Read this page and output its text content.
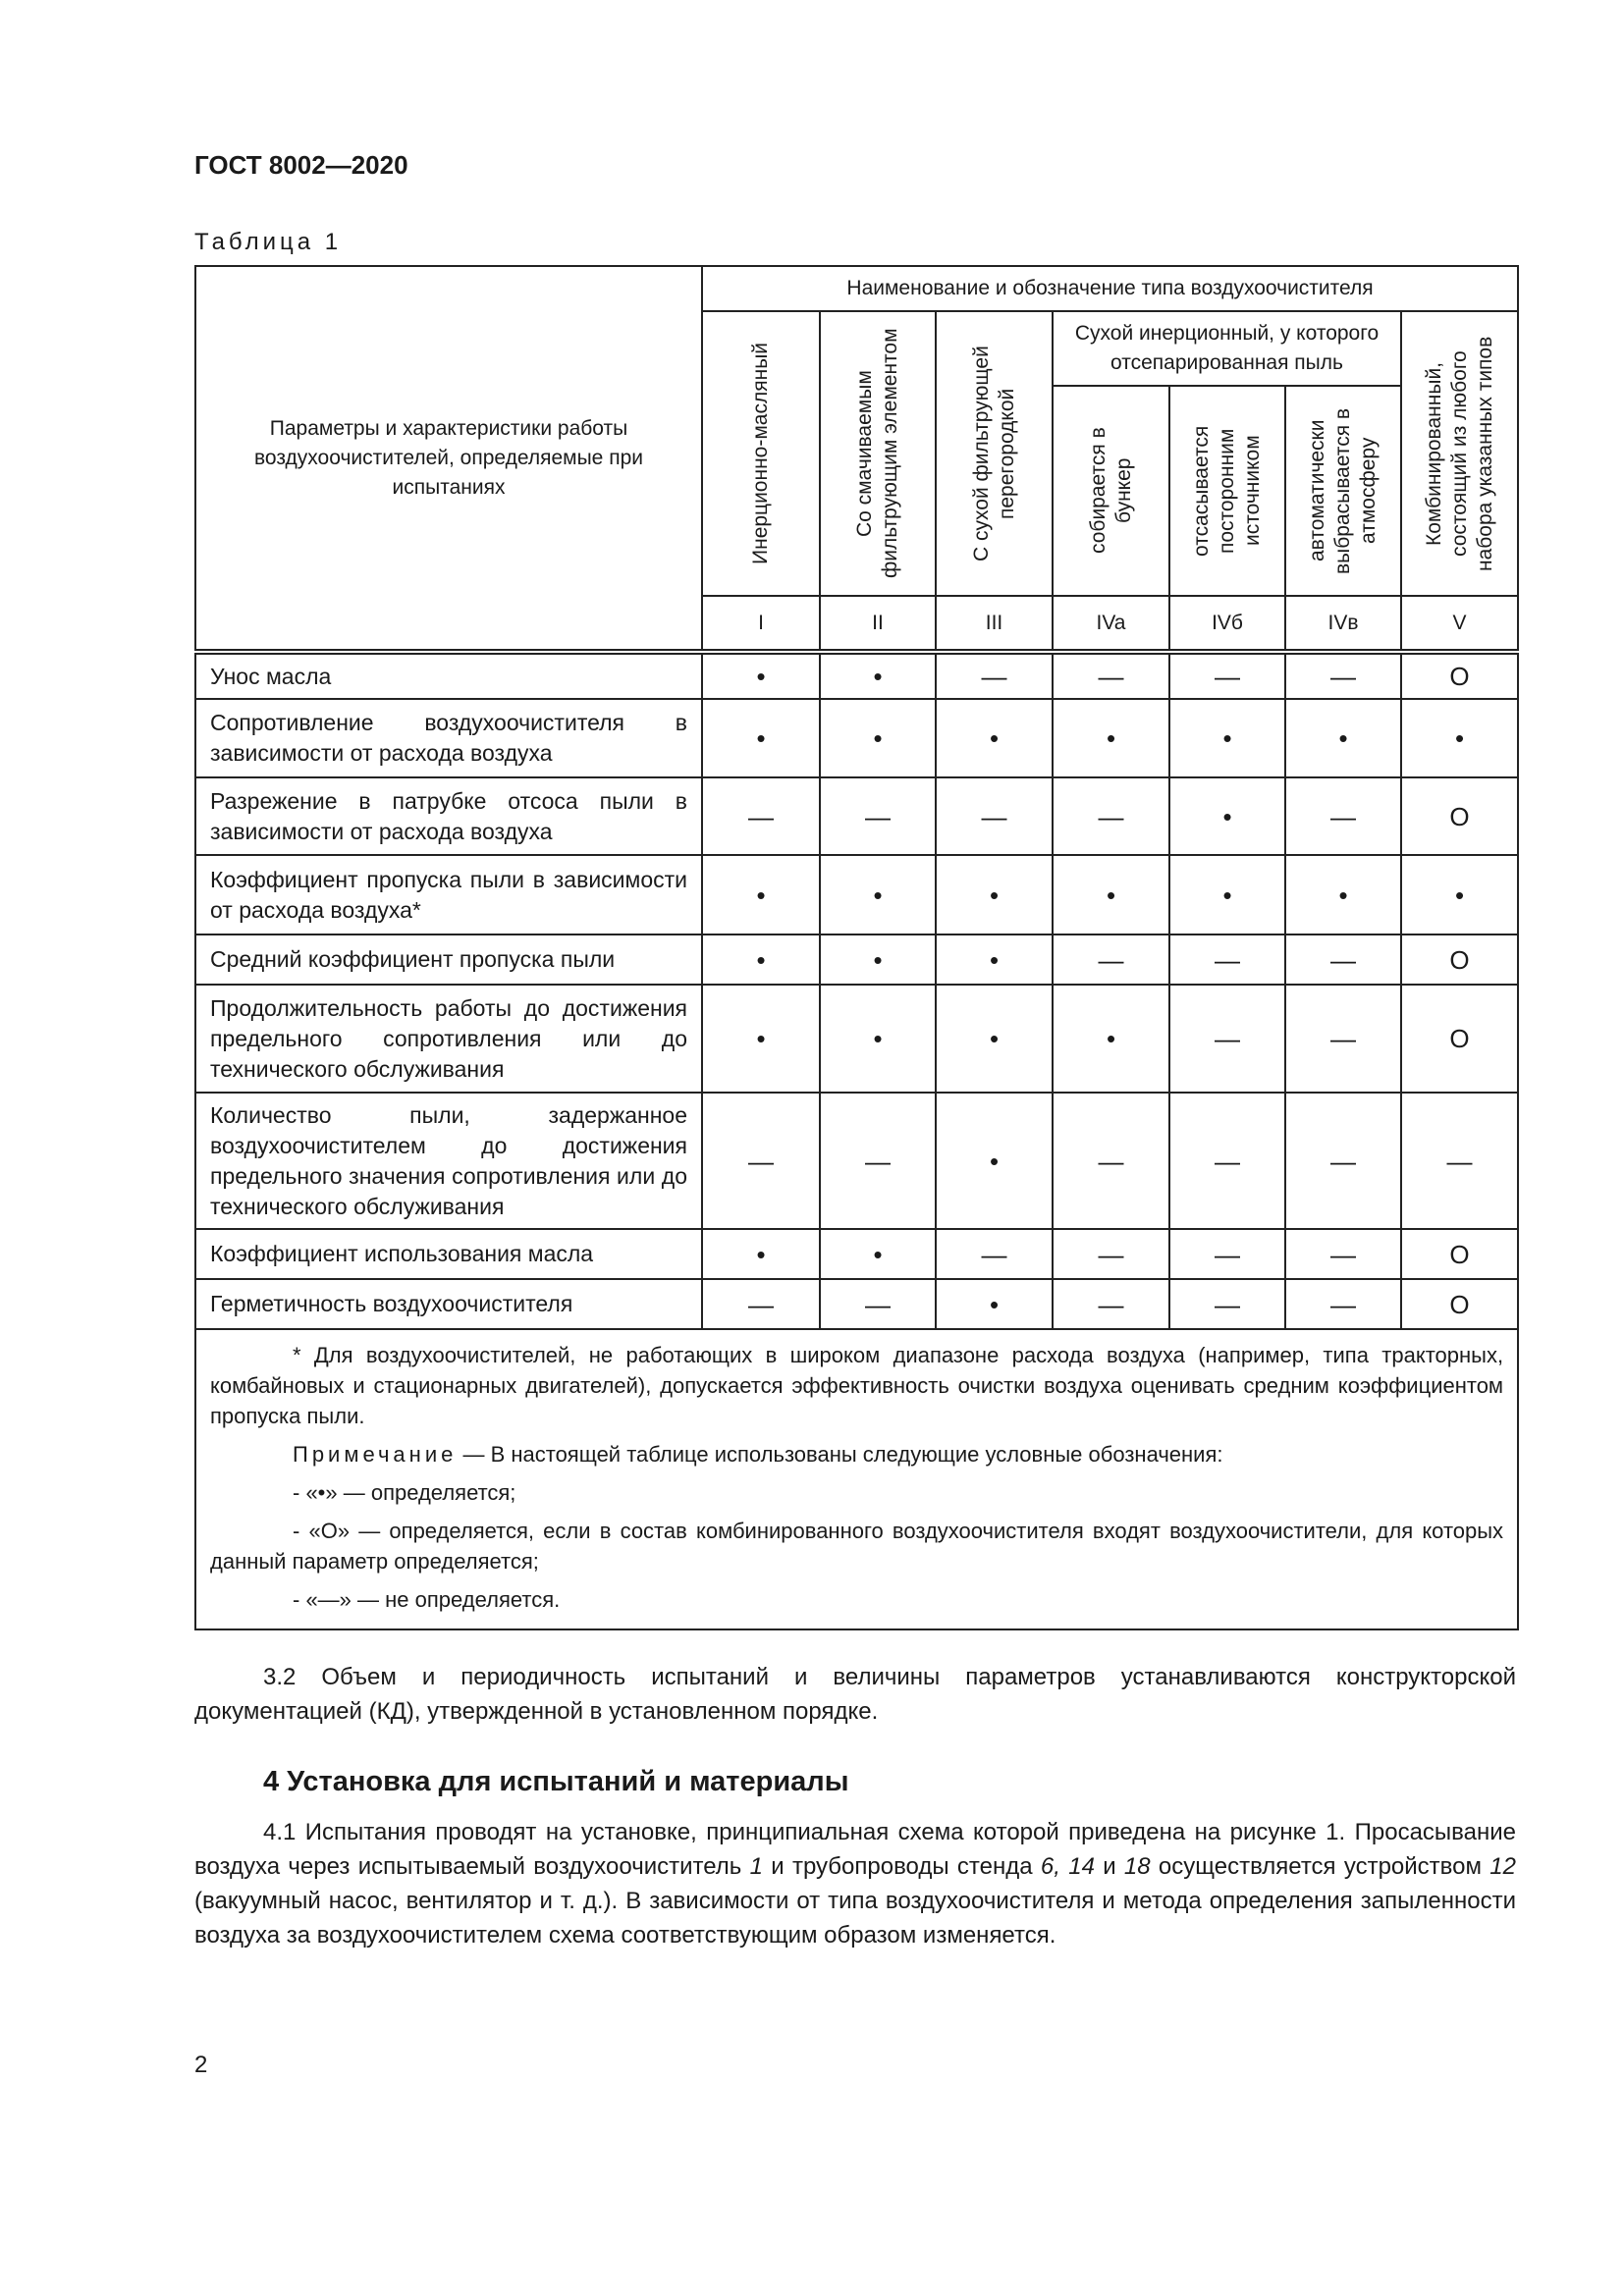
ГОСТ 8002—2020
Таблица 1
Параметры и характеристики работы воздухоочистителей, определяемые при испытаниях	Наименование и обозначение типа воздухоочистителя						

	Инерционно-масляный	Со смачиваемым фильтрующим элементом	С сухой фильтрующей перегородкой	Сухой инерционный, у которого отсепарированная пыль			Комбинированный, состоящий из любого набора указанных типов

				собирается в бункер	отсасывается посторонним источником	автоматически выбрасывается в атмосферу	

	I	II	III	IVa	IVб	IVв	V
Унос масла	•	•	—	—	—	—	O
Сопротивление воздухоочистителя в зависимости от расхода воздуха	•	•	•	•	•	•	•
Разрежение в патрубке отсоса пыли в зависимости от расхода воздуха	—	—	—	—	•	—	O
Коэффициент пропуска пыли в зависимости от расхода воздуха*	•	•	•	•	•	•	•
Средний коэффициент пропуска пыли	•	•	•	—	—	—	O
Продолжительность работы до достижения предельного сопротивления или до технического обслуживания	•	•	•	•	—	—	O
Количество пыли, задержанное воздухоочистителем до достижения предельного значения сопротивления или до технического обслуживания	—	—	•	—	—	—	—
Коэффициент использования масла	•	•	—	—	—	—	O
Герметичность воздухоочистителя	—	—	•	—	—	—	O

* Для воздухоочистителей, не работающих в широком диапазоне расхода воздуха (например, типа тракторных, комбайновых и стационарных двигателей), допускается эффективность очистки воздуха оценивать средним коэффициентом пропуска пыли.

Примечание — В настоящей таблице использованы следующие условные обозначения:

- «•» — определяется;

- «O» — определяется, если в состав комбинированного воздухоочистителя входят воздухоочистители, для которых данный параметр определяется;

- «—» — не определяется.							

3.2 Объем и периодичность испытаний и величины параметров устанавливаются конструкторской документацией (КД), утвержденной в установленном порядке.
4 Установка для испытаний и материалы
4.1 Испытания проводят на установке, принципиальная схема которой приведена на рисунке 1. Просасывание воздуха через испытываемый воздухоочиститель 1 и трубопроводы стенда 6, 14 и 18 осуществляется устройством 12 (вакуумный насос, вентилятор и т. д.). В зависимости от типа воздухоочистителя и метода определения запыленности воздуха за воздухоочистителем схема соответствующим образом изменяется.
2
